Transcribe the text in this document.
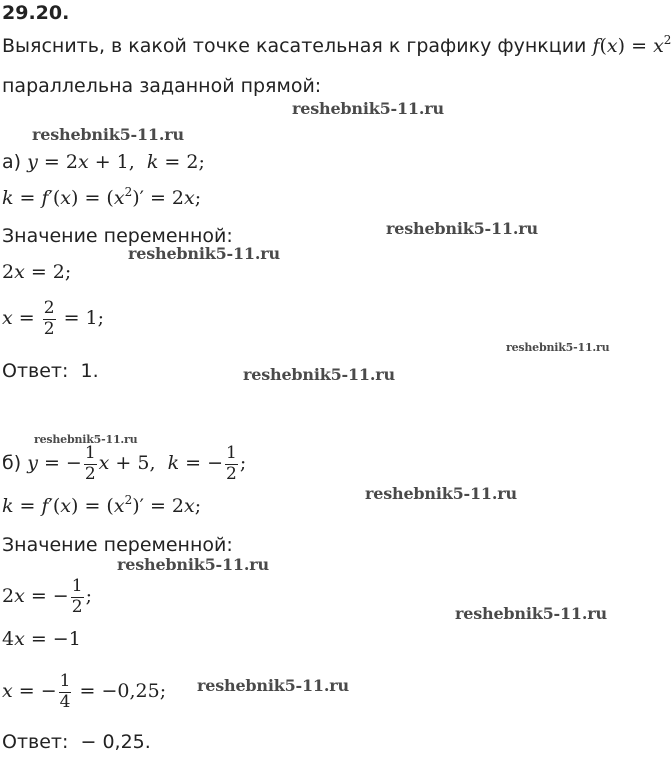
29.20.
Выяснить, в какой точке касательная к графику функции $f(x) = x^2$
параллельна заданной прямой:
а) y = 2x + 1,  k = 2;
$k = f'(x) = (x^2)' = 2x$;
Значение переменной:
2x = 2;
$x = \frac{2}{2} = 1$;
Ответ: 1.
б) y = − $\frac{1}{2}$ x + 5,  k = − $\frac{1}{2}$ ;
$k = f'(x) = (x^2)' = 2x$;
Значение переменной:
2x = − $\frac{1}{2}$ ;
4x = −1
x = − $\frac{1}{4} = -0,25$;
Ответ: − 0,25.
reshebnik5-11.ru
reshebnik5-11.ru
reshebnik5-11.ru
reshebnik5-11.ru
reshebnik5-11.ru
reshebnik5-11.ru
reshebnik5-11.ru
reshebnik5-11.ru
reshebnik5-11.ru
reshebnik5-11.ru
reshebnik5-11.ru
